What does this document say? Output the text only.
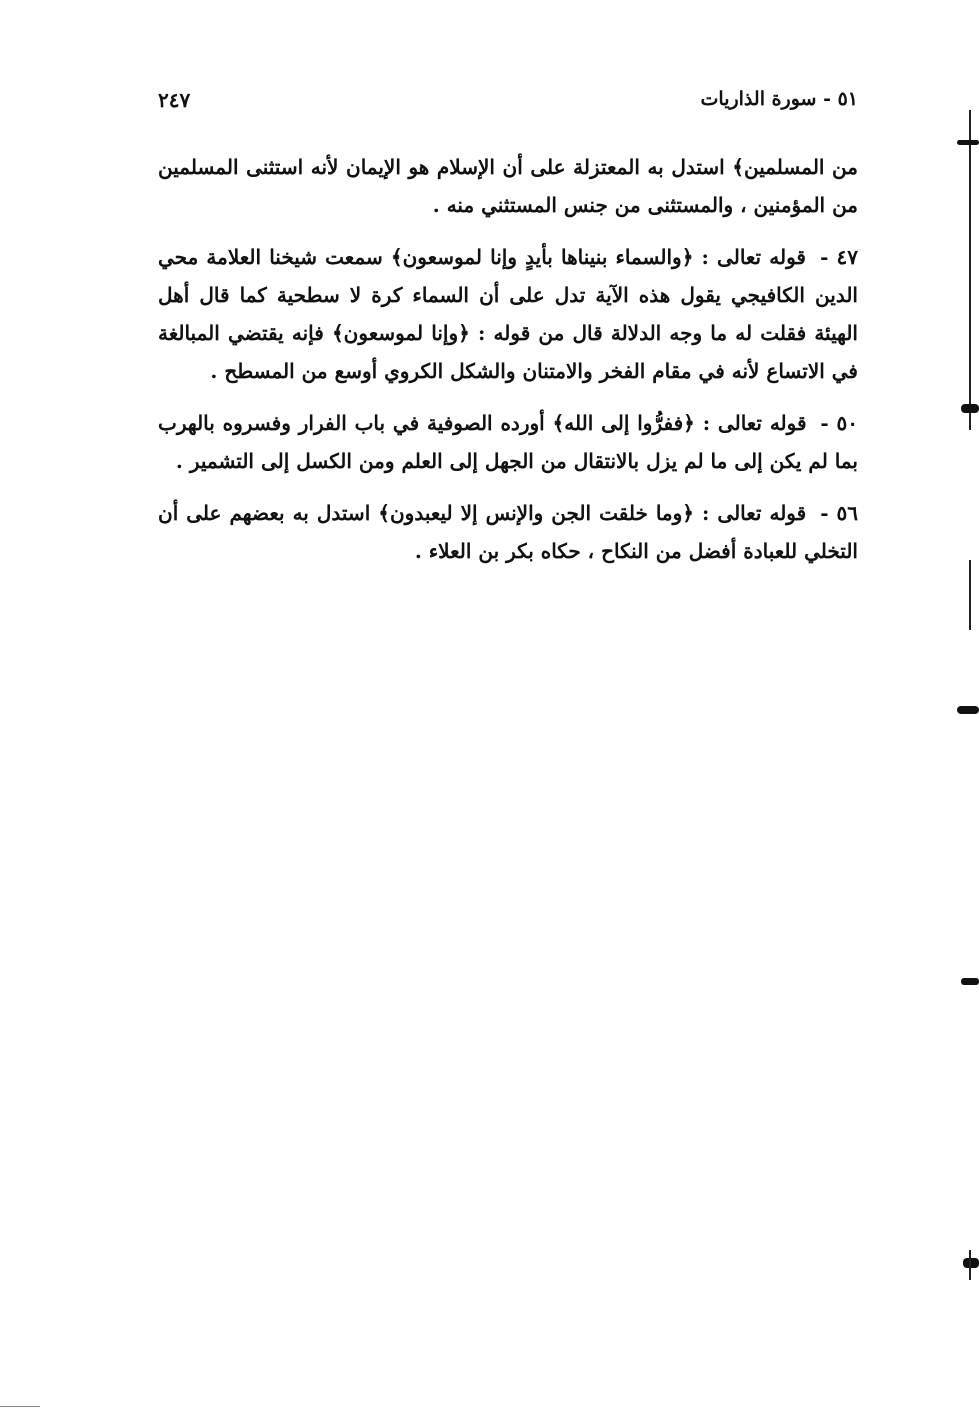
٥١ - سورة الذاريات
٢٤٧

من المسلمين﴾ استدل به المعتزلة على أن الإسلام هو الإيمان لأنه استثنى المسلمين من المؤمنين ، والمستثنى من جنس المستثني منه .

٤٧ - قوله تعالى : ﴿والسماء بنيناها بأيدٍ وإنا لموسعون﴾ سمعت شيخنا العلامة محي الدين الكافيجي يقول هذه الآية تدل على أن السماء كرة لا سطحية كما قال أهل الهيئة فقلت له ما وجه الدلالة قال من قوله : ﴿وإنا لموسعون﴾ فإنه يقتضي المبالغة في الاتساع لأنه في مقام الفخر والامتنان والشكل الكروي أوسع من المسطح .

٥٠ - قوله تعالى : ﴿ففرُّوا إلى الله﴾ أورده الصوفية في باب الفرار وفسروه بالهرب بما لم يكن إلى ما لم يزل بالانتقال من الجهل إلى العلم ومن الكسل إلى التشمير .

٥٦ - قوله تعالى : ﴿وما خلقت الجن والإنس إلا ليعبدون﴾ استدل به بعضهم على أن التخلي للعبادة أفضل من النكاح ، حكاه بكر بن العلاء .
